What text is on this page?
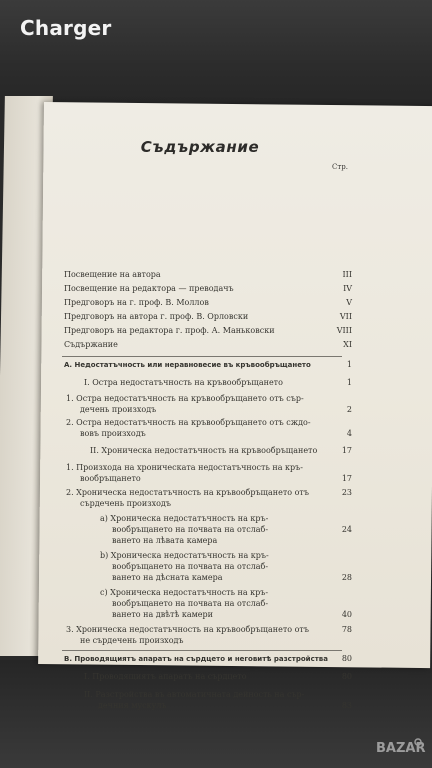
Charger
Съдържание
Стр.
Посвещение на автора	III
Посвещение на редактора — преводачъ	IV
Предговоръ на г. проф. В. Моллов	V
Предговоръ на автора г. проф. В. Орловски	VII
Предговоръ на редактора г. проф. А. Маньковски	VIII
Съдържание	XI
А. Недостатъчность или неравновесие въ кръвообръщането	1
I. Остра недостатъчность на кръвообръщането	1
1. Остра недостатъчность на кръвообръщането отъ сър-
дечень произходъ	2
2. Остра недостатъчность на кръвообръщането отъ сждо-
вовъ произходъ	4
II. Хроническа недостатъчность на кръвообръщането	17
1. Произхода на хроническата недостатъчность на кръ-
вообръщането	17
2. Хроническа недостатъчность на кръвообръщането отъ	23
сърдечень произходъ
а) Хроническа недостатъчность на кръ-
вообръщането на почвата на отслаб-	24
ването на лѣвата камера
b) Хроническа недостатъчность на кръ-
вообръщането на почвата на отслаб-
ването на дѣсната камера	28
c) Хроническа недостатъчность на кръ-
вообръщането на почвата на отслаб-
ването на двѣтѣ камери	40
3. Хроническа недостатъчность на кръвообръщането отъ	78
не сърдечень произходъ
В. Проводящиятъ апаратъ на сърдцето и неговитѣ разстройства	80
I. Проводящиятъ апаратъ на сърдцето	80
II. Разстройства въ автоматичната дейность на сър-
дечния мускулъ	83
BAZAR
